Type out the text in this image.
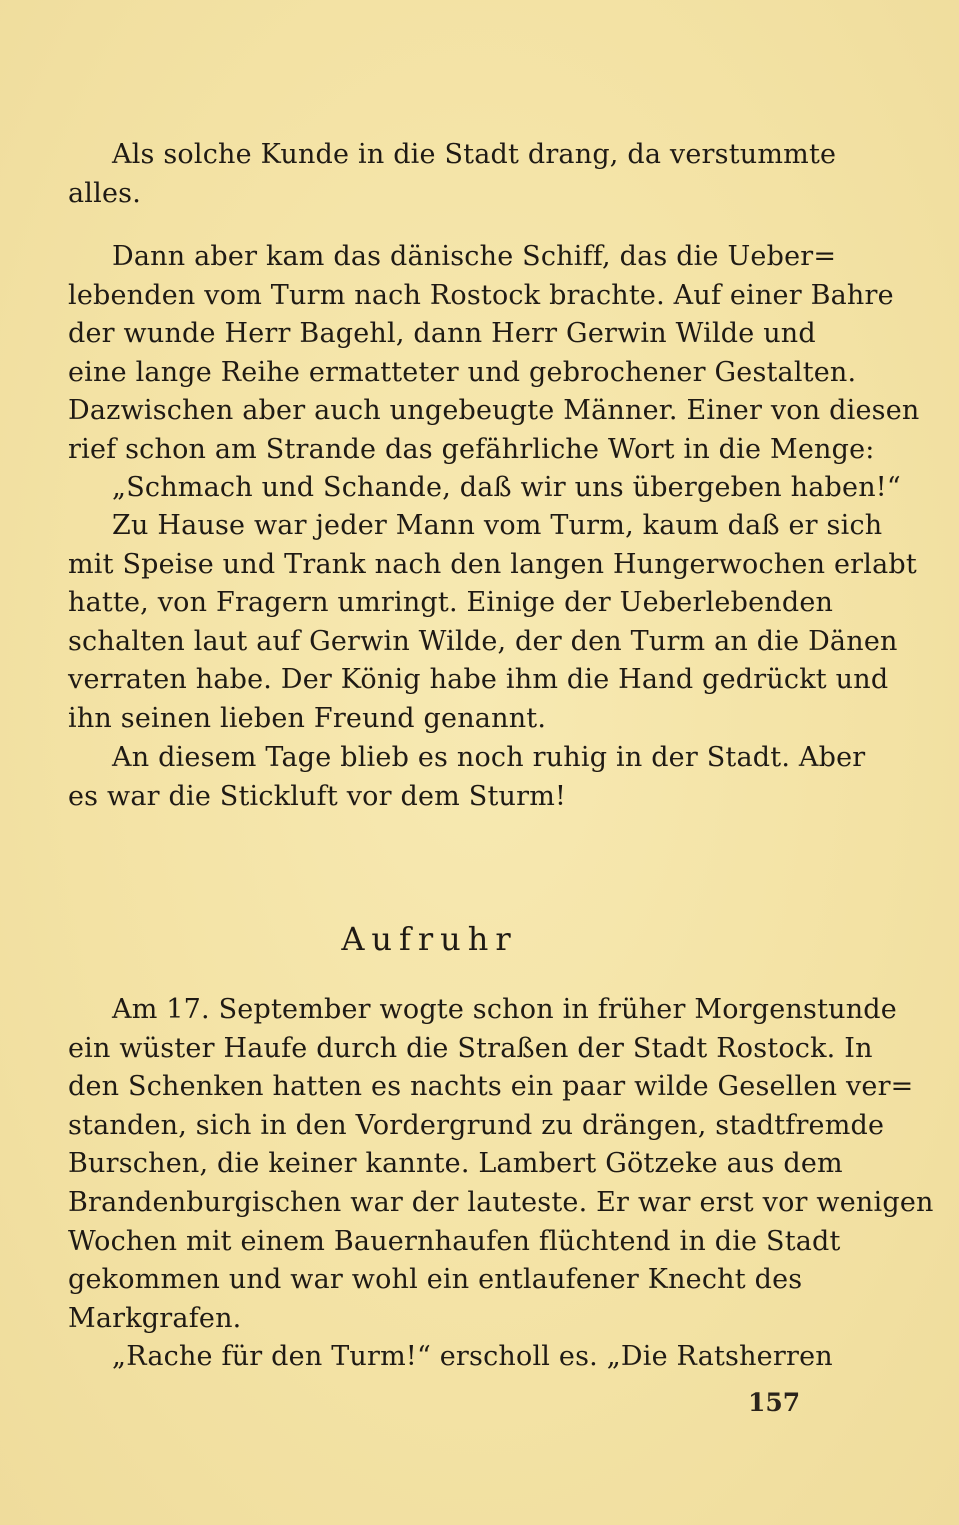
Als solche Kunde in die Stadt drang, da verstummte
alles.
Dann aber kam das dänische Schiff, das die Ueber=
lebenden vom Turm nach Rostock brachte. Auf einer Bahre
der wunde Herr Bagehl, dann Herr Gerwin Wilde und
eine lange Reihe ermatteter und gebrochener Gestalten.
Dazwischen aber auch ungebeugte Männer. Einer von diesen
rief schon am Strande das gefährliche Wort in die Menge:
„Schmach und Schande, daß wir uns übergeben haben!“
Zu Hause war jeder Mann vom Turm, kaum daß er sich
mit Speise und Trank nach den langen Hungerwochen erlabt
hatte, von Fragern umringt. Einige der Ueberlebenden
schalten laut auf Gerwin Wilde, der den Turm an die Dänen
verraten habe. Der König habe ihm die Hand gedrückt und
ihn seinen lieben Freund genannt.
An diesem Tage blieb es noch ruhig in der Stadt. Aber
es war die Stickluft vor dem Sturm!
Aufruhr
Am 17. September wogte schon in früher Morgenstunde
ein wüster Haufe durch die Straßen der Stadt Rostock. In
den Schenken hatten es nachts ein paar wilde Gesellen ver=
standen, sich in den Vordergrund zu drängen, stadtfremde
Burschen, die keiner kannte. Lambert Götzeke aus dem
Brandenburgischen war der lauteste. Er war erst vor wenigen
Wochen mit einem Bauernhaufen flüchtend in die Stadt
gekommen und war wohl ein entlaufener Knecht des
Markgrafen.
„Rache für den Turm!“ erscholl es. „Die Ratsherren
157
